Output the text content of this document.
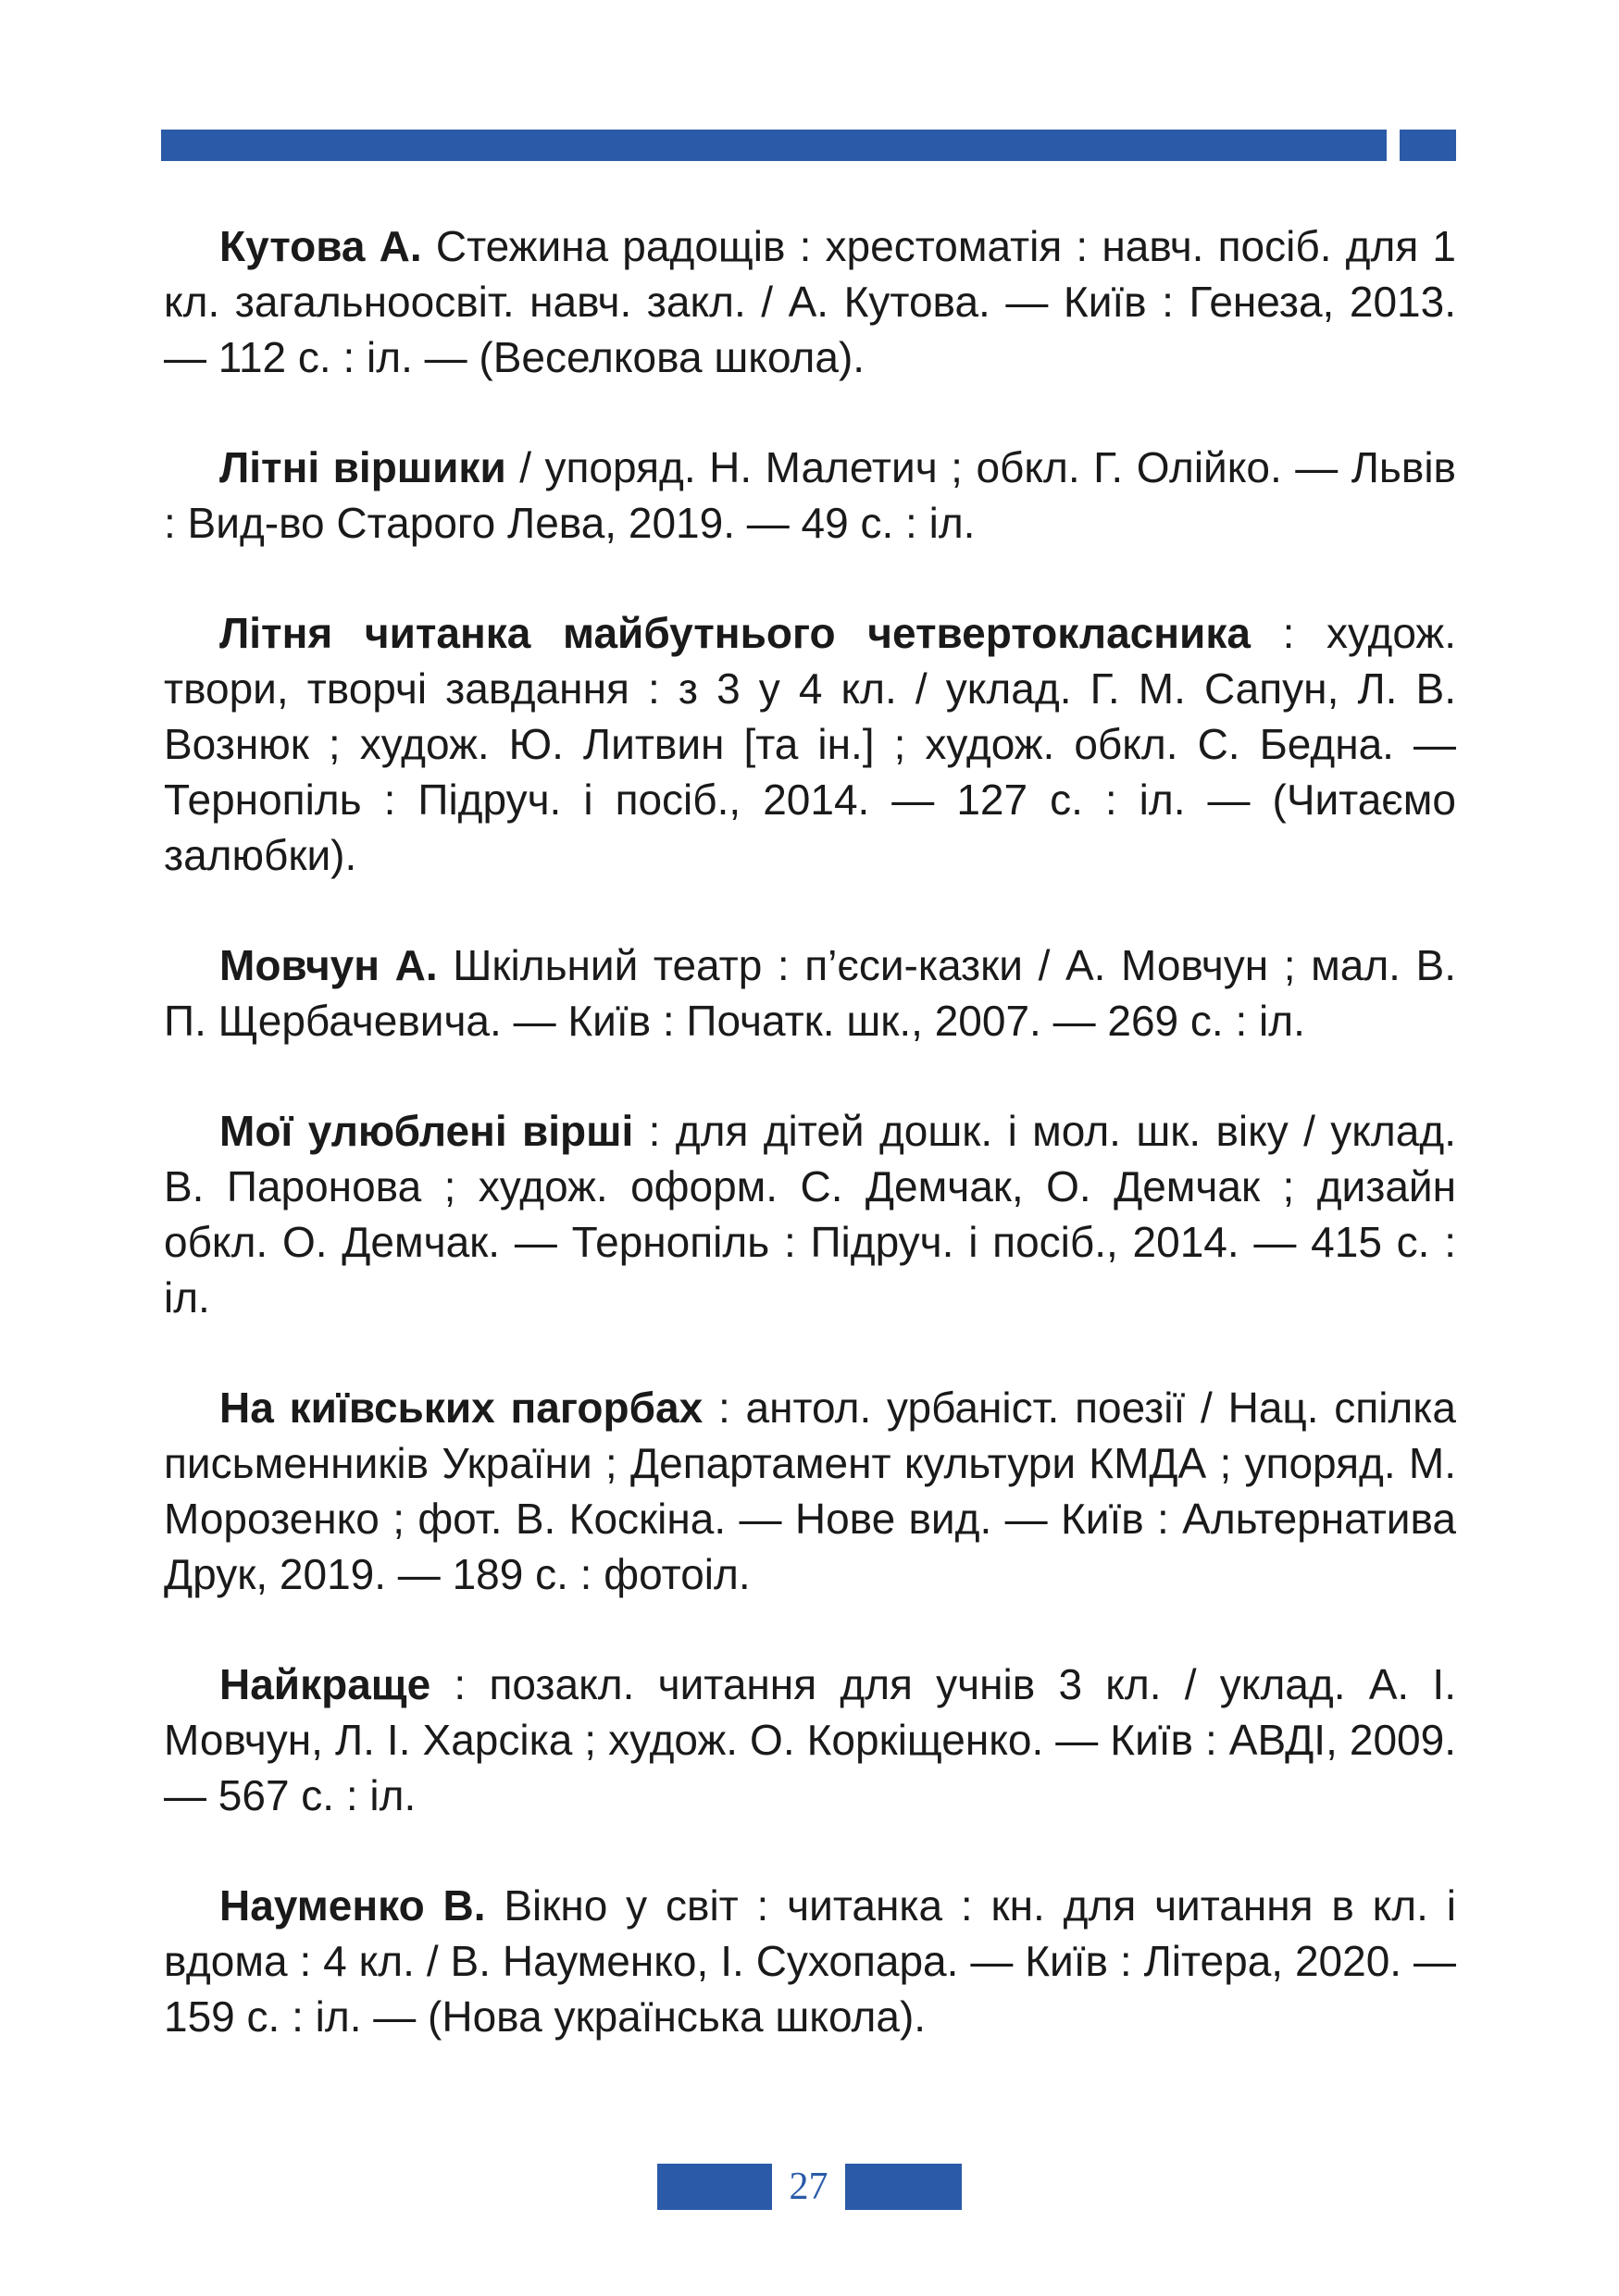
Кутова А. Стежина радощів : хрестоматія : навч. посіб. для 1 кл. загальноосвіт. навч. закл. / А. Кутова. — Київ : Генеза, 2013. — 112 с. : іл. — (Веселкова школа).

Літні віршики / упоряд. Н. Малетич ; обкл. Г. Олійко. — Львів : Вид-во Старого Лева, 2019. — 49 с. : іл.

Літня читанка майбутнього четвертокласника : худож. твори, творчі завдання : з 3 у 4 кл. / уклад. Г. М. Сапун, Л. В. Вознюк ; худож. Ю. Литвин [та ін.] ; худож. обкл. С. Бедна. — Тернопіль : Підруч. і посіб., 2014. — 127 с. : іл. — (Читаємо залюбки).

Мовчун А. Шкільний театр : п’єси-казки / А. Мовчун ; мал. В. П. Щербачевича. — Київ : Початк. шк., 2007. — 269 с. : іл.

Мої улюблені вірші : для дітей дошк. і мол. шк. віку / уклад. В. Паронова ; худож. оформ. С. Демчак, О. Демчак ; дизайн обкл. О. Демчак. — Тернопіль : Підруч. і посіб., 2014. — 415 с. : іл.

На київських пагорбах : антол. урбаніст. поезії / Нац. спілка письменників України ; Департамент культури КМДА ; упоряд. М. Морозенко ; фот. В. Коскіна. — Нове вид. — Київ : Альтернатива Друк, 2019. — 189 с. : фотоіл.

Найкраще : позакл. читання для учнів 3 кл. / уклад. А. І. Мовчун, Л. І. Харсіка ; худож. О. Коркіщенко. — Київ : АВДІ, 2009. — 567 с. : іл.

Науменко В. Вікно у світ : читанка : кн. для читання в кл. і вдома : 4 кл. / В. Науменко, І. Сухопара. — Київ : Літера, 2020. — 159 с. : іл. — (Нова українська школа).

27
